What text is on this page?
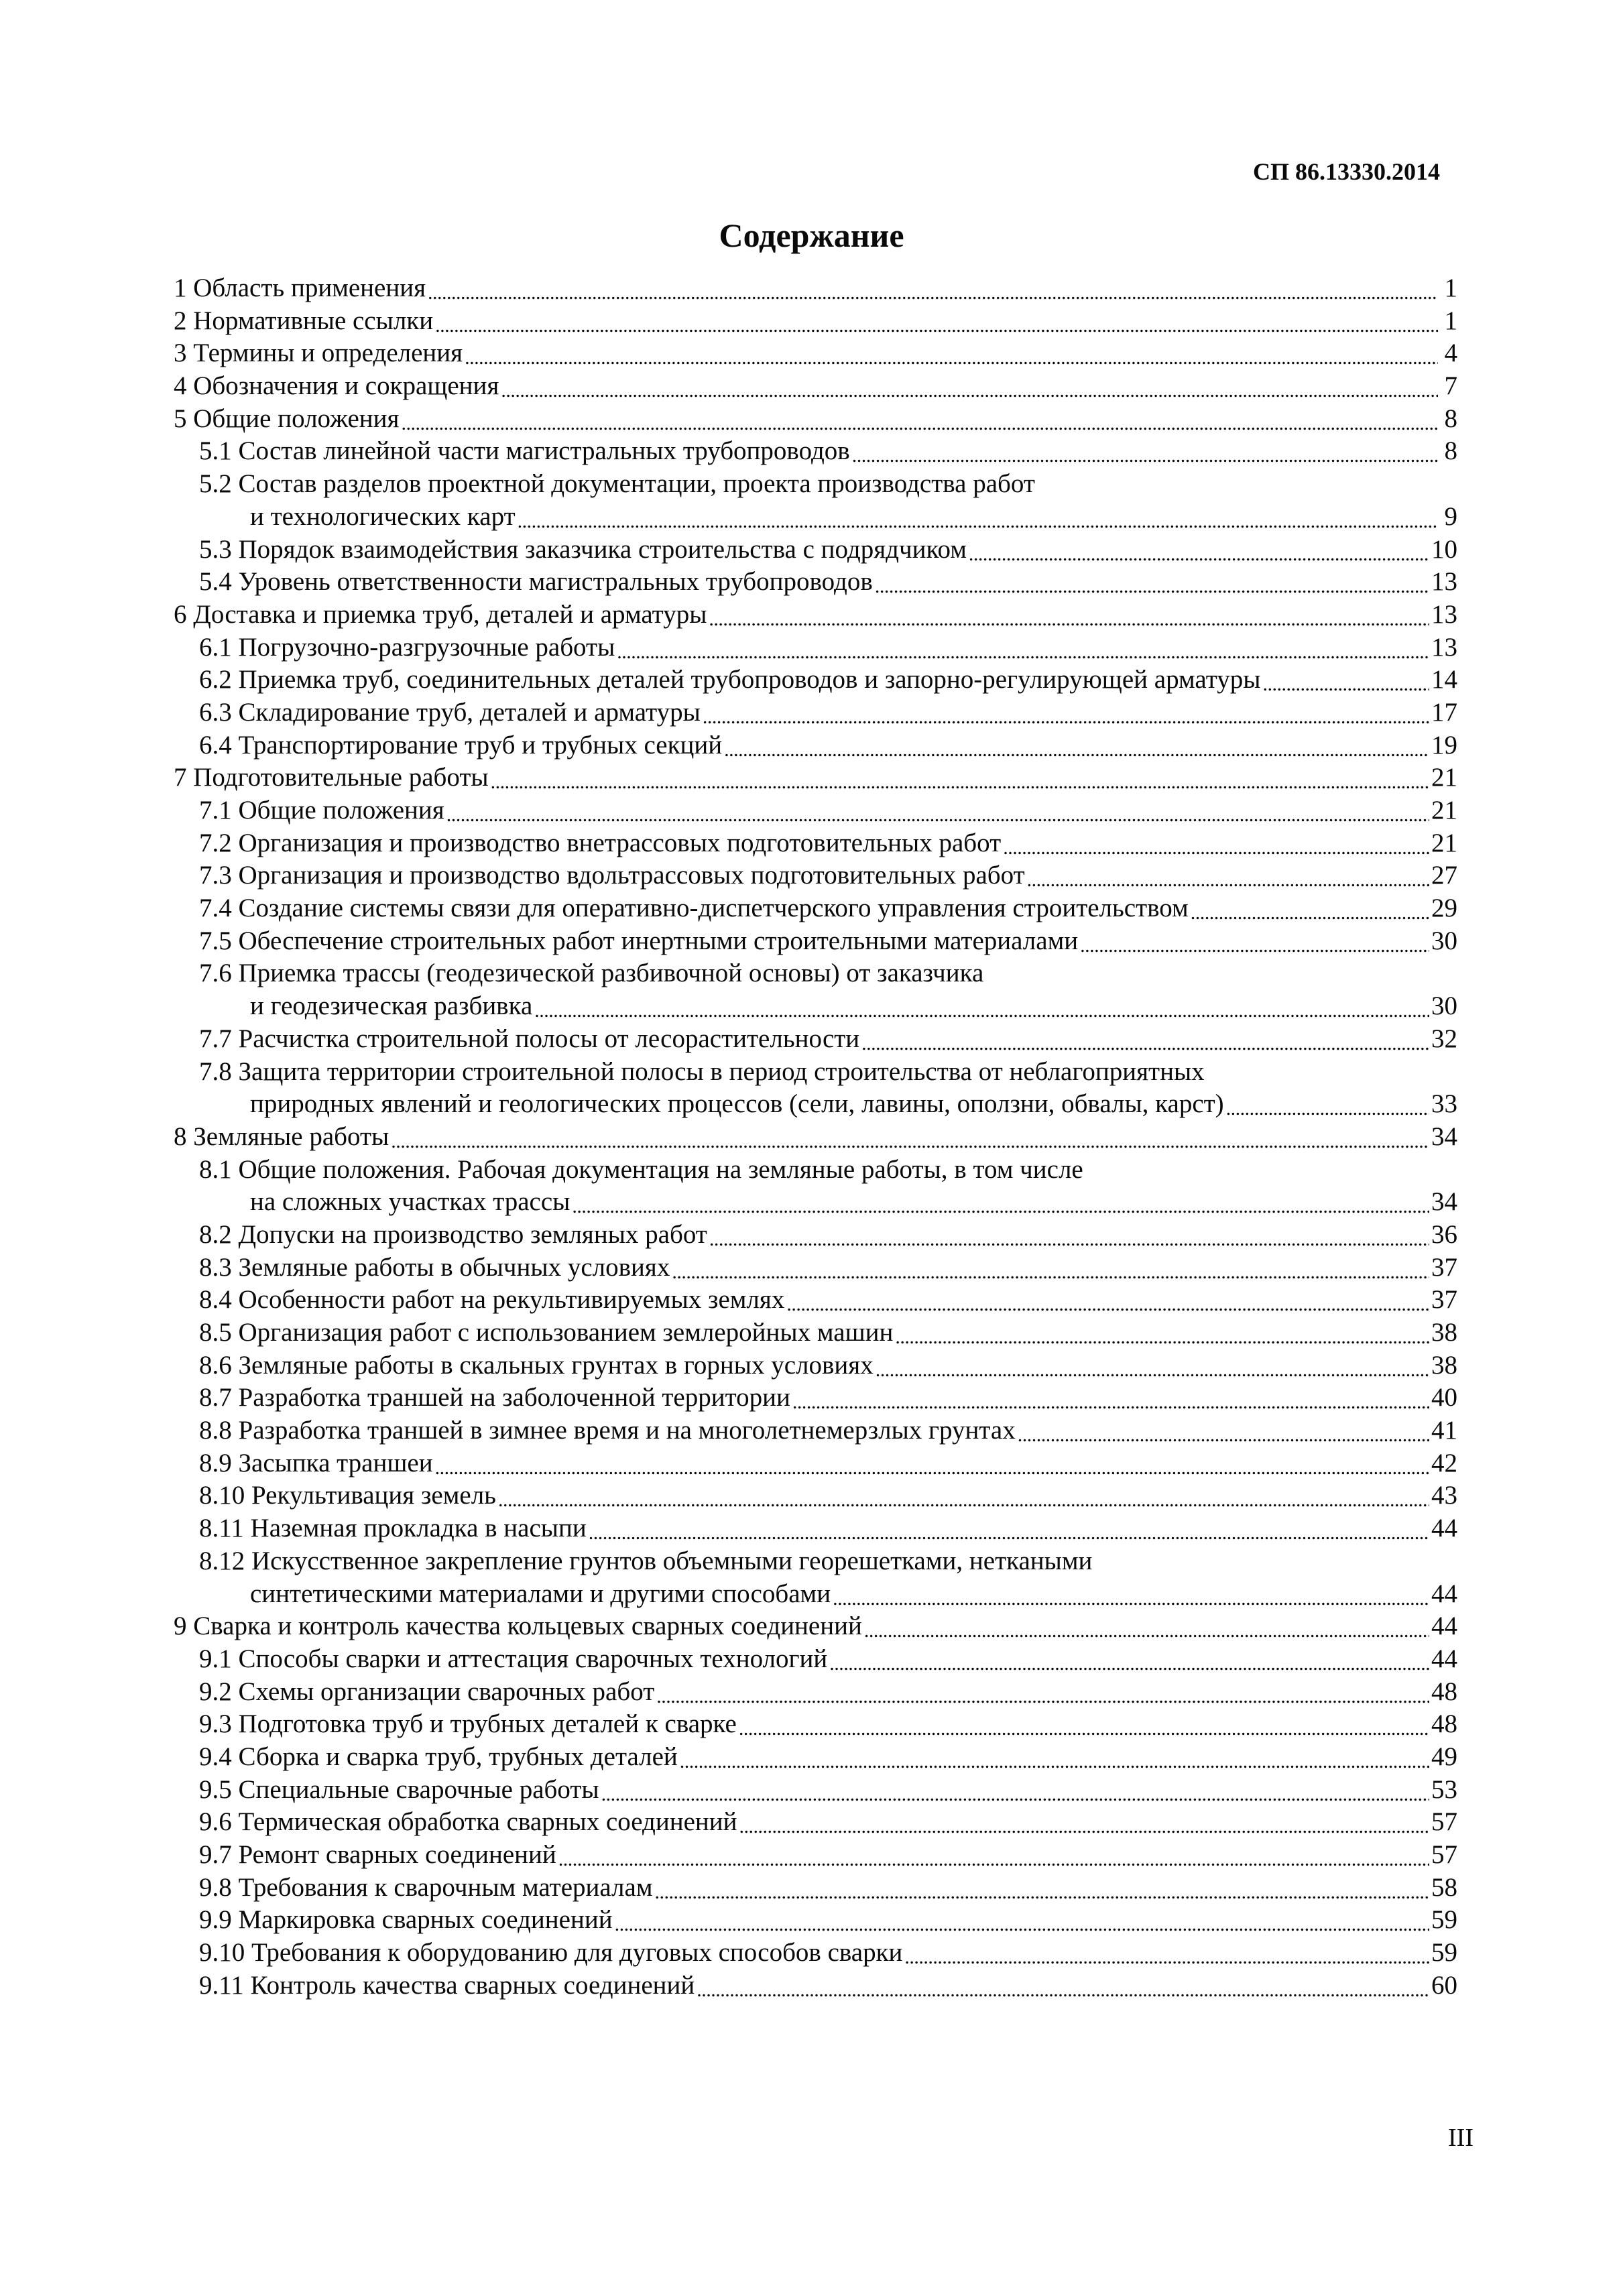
СП 86.13330.2014
Содержание
1 Область применения . . .	1
2 Нормативные ссылки . . .	1
3 Термины и определения . . .	4
4 Обозначения и сокращения . . .	7
5 Общие положения . . .	8
5.1 Состав линейной части магистральных трубопроводов . . .	8
5.2 Состав разделов проектной документации, проекта производства работ
и технологических карт . . .	9
5.3 Порядок взаимодействия заказчика строительства с подрядчиком . . .	10
5.4 Уровень ответственности магистральных трубопроводов . . .	13
6 Доставка и приемка труб, деталей и арматуры . . .	13
6.1 Погрузочно-разгрузочные работы . . .	13
6.2 Приемка труб, соединительных деталей трубопроводов и запорно-регулирующей арматуры . . .	14
6.3 Складирование труб, деталей и арматуры . . .	17
6.4 Транспортирование труб и трубных секций . . .	19
7 Подготовительные работы . . .	21
7.1 Общие положения . . .	21
7.2 Организация и производство внетрассовых подготовительных работ . . .	21
7.3 Организация и производство вдольтрассовых подготовительных работ . . .	27
7.4 Создание системы связи для оперативно-диспетчерского управления строительством . . .	29
7.5 Обеспечение строительных работ инертными строительными материалами . . .	30
7.6 Приемка трассы (геодезической разбивочной основы) от заказчика
и геодезическая разбивка . . .	30
7.7 Расчистка строительной полосы от лесорастительности . . .	32
7.8 Защита территории строительной полосы в период строительства от неблагоприятных
природных явлений и геологических процессов (сели, лавины, оползни, обвалы, карст) . . .	33
8 Земляные работы . . .	34
8.1 Общие положения. Рабочая документация на земляные работы, в том числе
на сложных участках трассы . . .	34
8.2 Допуски на производство земляных работ . . .	36
8.3 Земляные работы в обычных условиях . . .	37
8.4 Особенности работ на рекультивируемых землях . . .	37
8.5 Организация работ с использованием землеройных машин . . .	38
8.6 Земляные работы в скальных грунтах в горных условиях . . .	38
8.7 Разработка траншей на заболоченной территории . . .	40
8.8 Разработка траншей в зимнее время и на многолетнемерзлых грунтах . . .	41
8.9 Засыпка траншеи . . .	42
8.10 Рекультивация земель . . .	43
8.11 Наземная прокладка в насыпи . . .	44
8.12 Искусственное закрепление грунтов объемными георешетками, неткаными
синтетическими материалами и другими способами . . .	44
9 Сварка и контроль качества кольцевых сварных соединений . . .	44
9.1 Способы сварки и аттестация сварочных технологий . . .	44
9.2 Схемы организации сварочных работ . . .	48
9.3 Подготовка труб и трубных деталей к сварке . . .	48
9.4 Сборка и сварка труб, трубных деталей . . .	49
9.5 Специальные сварочные работы . . .	53
9.6 Термическая обработка сварных соединений . . .	57
9.7 Ремонт сварных соединений . . .	57
9.8 Требования к сварочным материалам . . .	58
9.9 Маркировка сварных соединений . . .	59
9.10 Требования к оборудованию для дуговых способов сварки . . .	59
9.11 Контроль качества сварных соединений . . .	60
III
